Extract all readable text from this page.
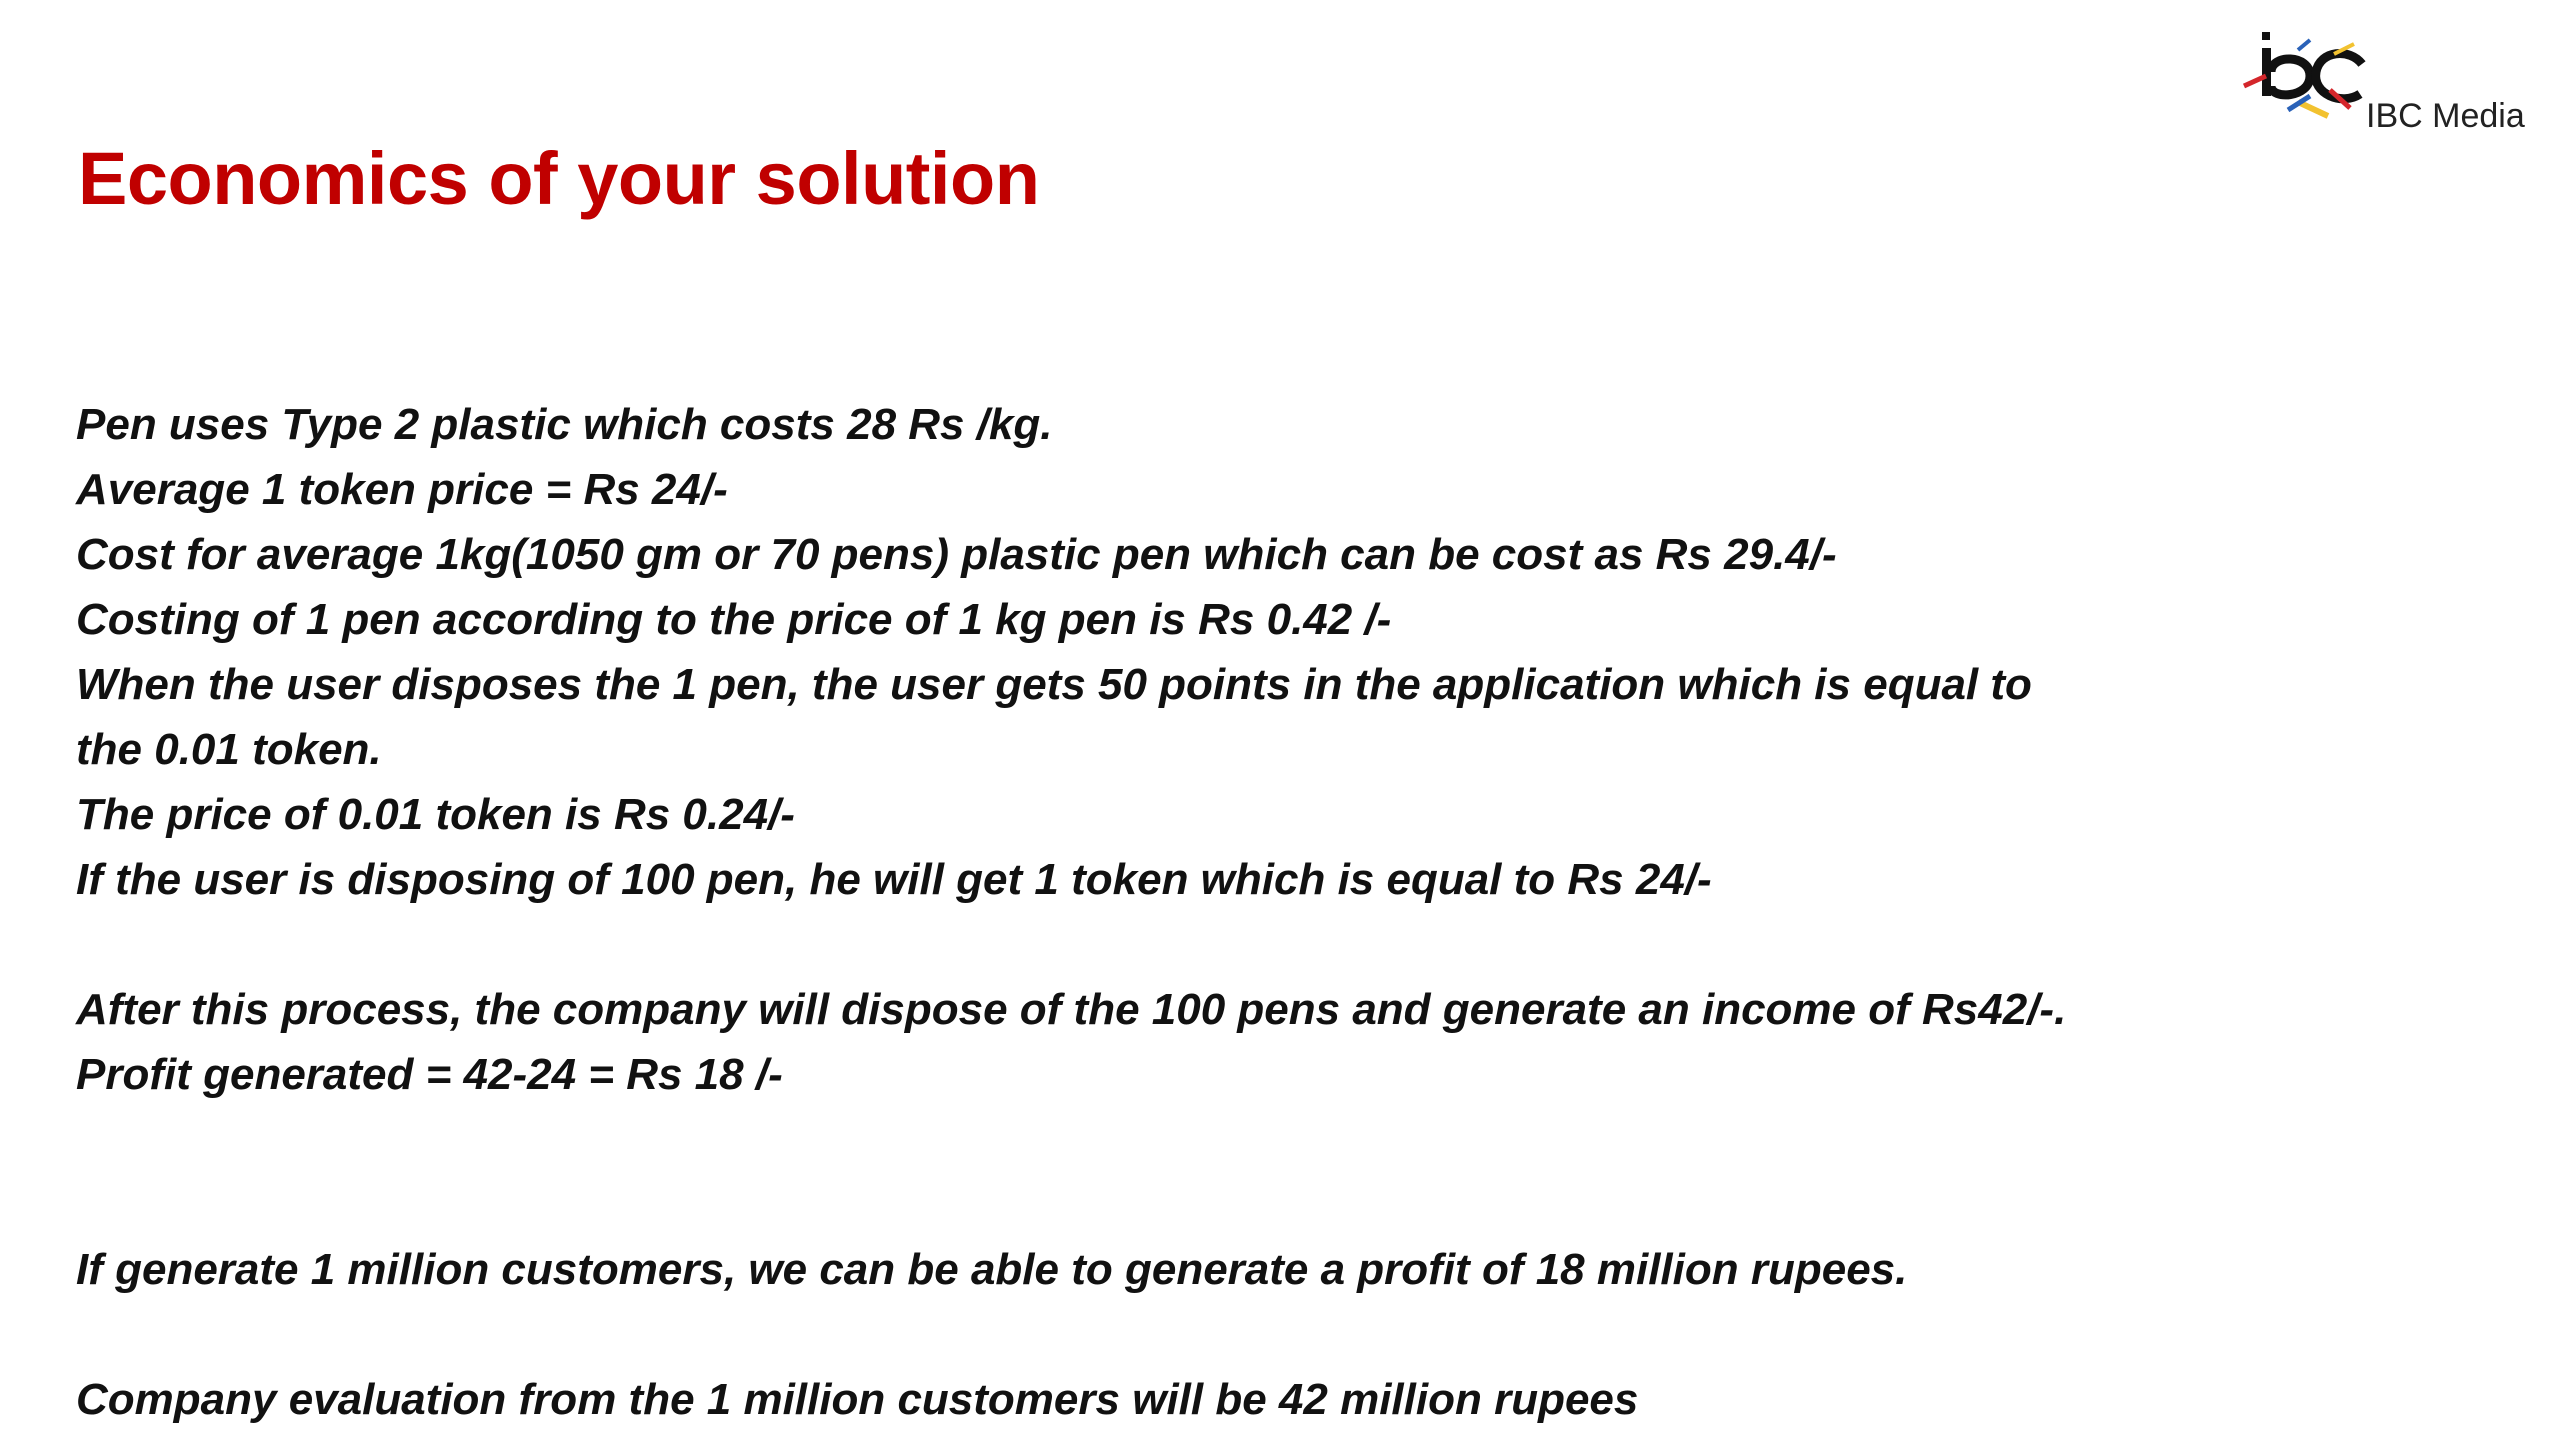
Economics of your solution
IBC Media
Pen uses Type 2 plastic which costs 28 Rs /kg.
Average 1 token price = Rs 24/-
Cost for average 1kg(1050 gm or 70 pens) plastic pen which can be cost as Rs 29.4/-
Costing of 1 pen according to the price of 1 kg pen is Rs 0.42 /-
When the user disposes the 1 pen, the user gets 50 points in the application which is equal to
the 0.01 token.
The price of 0.01 token is Rs 0.24/-
If the user is disposing of 100 pen, he will get 1 token which is equal to Rs 24/-
After this process, the company will dispose of the 100 pens and generate an income of Rs42/-.
Profit generated = 42-24 = Rs 18 /-
If generate 1 million customers, we can be able to generate a profit of 18 million rupees.
Company evaluation from the 1 million customers will be 42 million rupees
